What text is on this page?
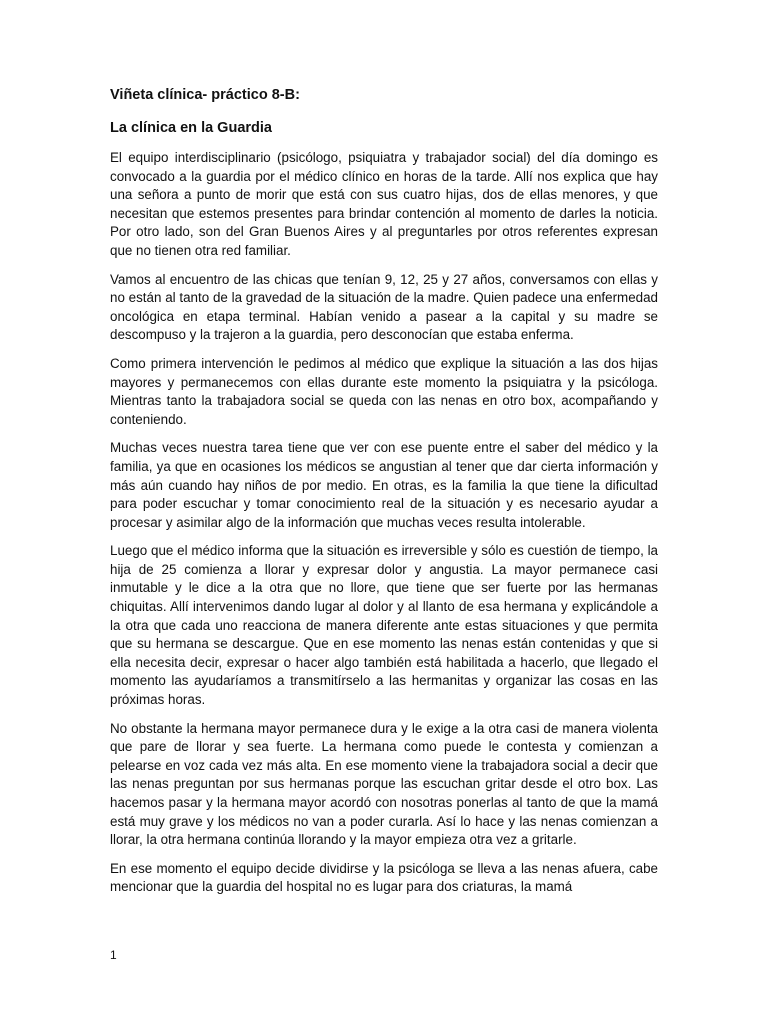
Viñeta clínica- práctico 8-B:
La clínica en la Guardia

El equipo interdisciplinario (psicólogo, psiquiatra y trabajador social) del día domingo es convocado a la guardia por el médico clínico en horas de la tarde. Allí nos explica que hay una señora a punto de morir que está con sus cuatro hijas, dos de ellas menores, y que necesitan que estemos presentes para brindar contención al momento de darles la noticia. Por otro lado, son del Gran Buenos Aires y al preguntarles por otros referentes expresan que no tienen otra red familiar.

Vamos al encuentro de las chicas que tenían 9, 12, 25 y 27 años, conversamos con ellas y no están al tanto de la gravedad de la situación de la madre. Quien padece una enfermedad oncológica en etapa terminal. Habían venido a pasear a la capital y su madre se descompuso y la trajeron a la guardia, pero desconocían que estaba enferma.

Como primera intervención le pedimos al médico que explique la situación a las dos hijas mayores y permanecemos con ellas durante este momento la psiquiatra y la psicóloga. Mientras tanto la trabajadora social se queda con las nenas en otro box, acompañando y conteniendo.

Muchas veces nuestra tarea tiene que ver con ese puente entre el saber del médico y la familia, ya que en ocasiones los médicos se angustian al tener que dar cierta información y más aún cuando hay niños de por medio. En otras, es la familia la que tiene la dificultad para poder escuchar y tomar conocimiento real de la situación y es necesario ayudar a procesar y asimilar algo de la información que muchas veces resulta intolerable.

Luego que el médico informa que la situación es irreversible y sólo es cuestión de tiempo, la hija de 25 comienza a llorar y expresar dolor y angustia. La mayor permanece casi inmutable y le dice a la otra que no llore, que tiene que ser fuerte por las hermanas chiquitas. Allí intervenimos dando lugar al dolor y al llanto de esa hermana y explicándole a la otra que cada uno reacciona de manera diferente ante estas situaciones y que permita que su hermana se descargue. Que en ese momento las nenas están contenidas y que si ella necesita decir, expresar o hacer algo también está habilitada a hacerlo, que llegado el momento las ayudaríamos a transmitírselo a las hermanitas y organizar las cosas en las próximas horas.

No obstante la hermana mayor permanece dura y le exige a la otra casi de manera violenta que pare de llorar y sea fuerte. La hermana como puede le contesta y comienzan a pelearse en voz cada vez más alta. En ese momento viene la trabajadora social a decir que las nenas preguntan por sus hermanas porque las escuchan gritar desde el otro box. Las hacemos pasar y la hermana mayor acordó con nosotras ponerlas al tanto de que la mamá está muy grave y los médicos no van a poder curarla. Así lo hace y las nenas comienzan a llorar, la otra hermana continúa llorando y la mayor empieza otra vez a gritarle.

En ese momento el equipo decide dividirse y la psicóloga se lleva a las nenas afuera, cabe mencionar que la guardia del hospital no es lugar para dos criaturas, la mamá

1
